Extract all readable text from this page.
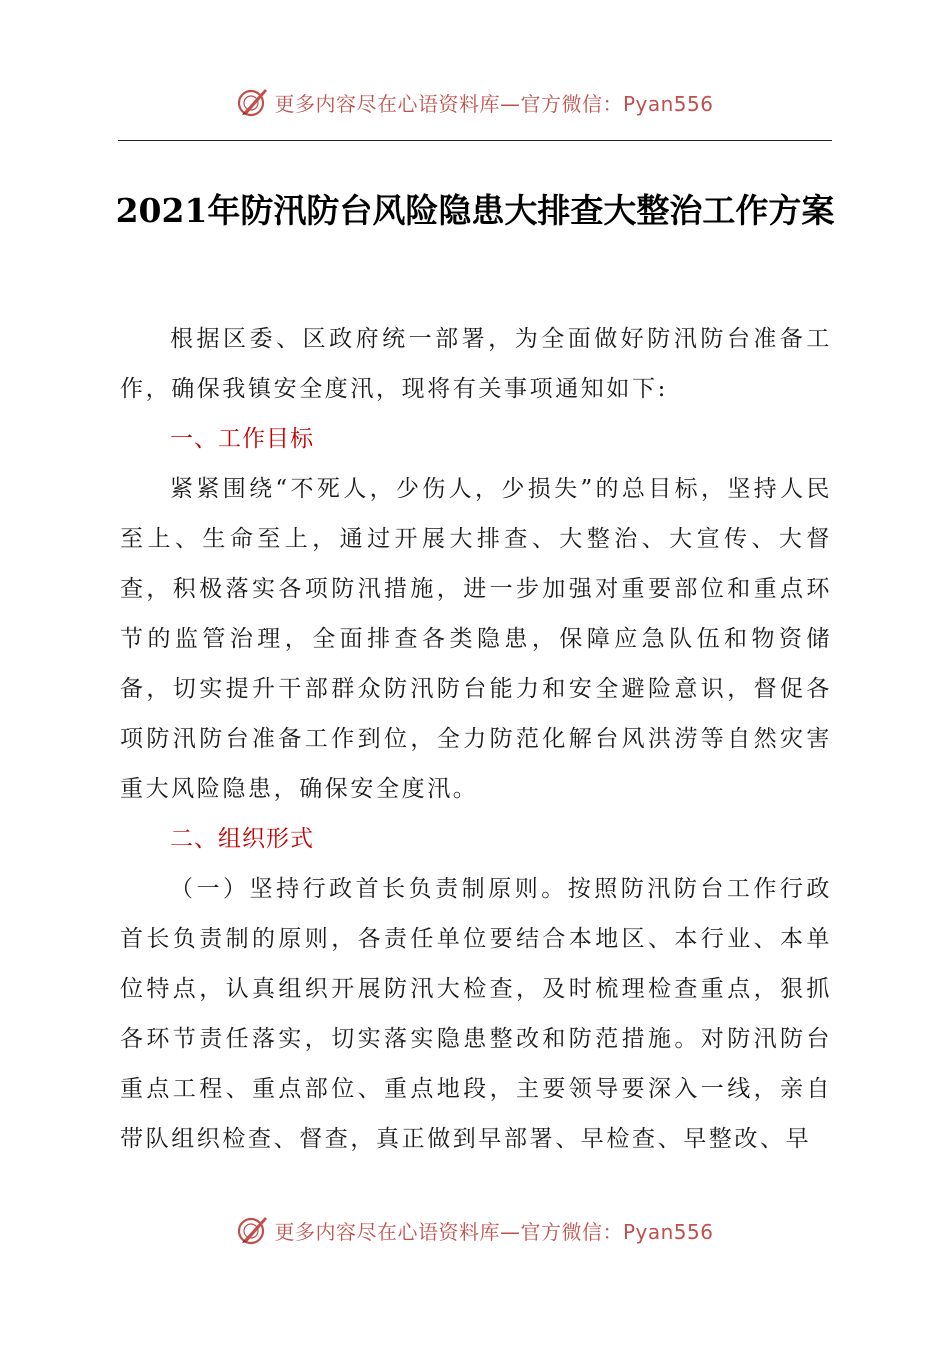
更多内容尽在心语资料库—官方微信：Pyan556
2021年防汛防台风险隐患大排查大整治工作方案

根据区委、区政府统一部署，为全面做好防汛防台准备工作，确保我镇安全度汛，现将有关事项通知如下:

一、工作目标

紧紧围绕“不死人，少伤人，少损失”的总目标，坚持人民至上、生命至上，通过开展大排查、大整治、大宣传、大督查，积极落实各项防汛措施，进一步加强对重要部位和重点环节的监管治理，全面排查各类隐患，保障应急队伍和物资储备，切实提升干部群众防汛防台能力和安全避险意识，督促各项防汛防台准备工作到位，全力防范化解台风洪涝等自然灾害重大风险隐患，确保安全度汛。

二、组织形式

（一）坚持行政首长负责制原则。按照防汛防台工作行政首长负责制的原则，各责任单位要结合本地区、本行业、本单位特点，认真组织开展防汛大检查，及时梳理检查重点，狠抓各环节责任落实，切实落实隐患整改和防范措施。对防汛防台重点工程、重点部位、重点地段，主要领导要深入一线，亲自带队组织检查、督查，真正做到早部署、早检查、早整改、早

更多内容尽在心语资料库—官方微信：Pyan556
